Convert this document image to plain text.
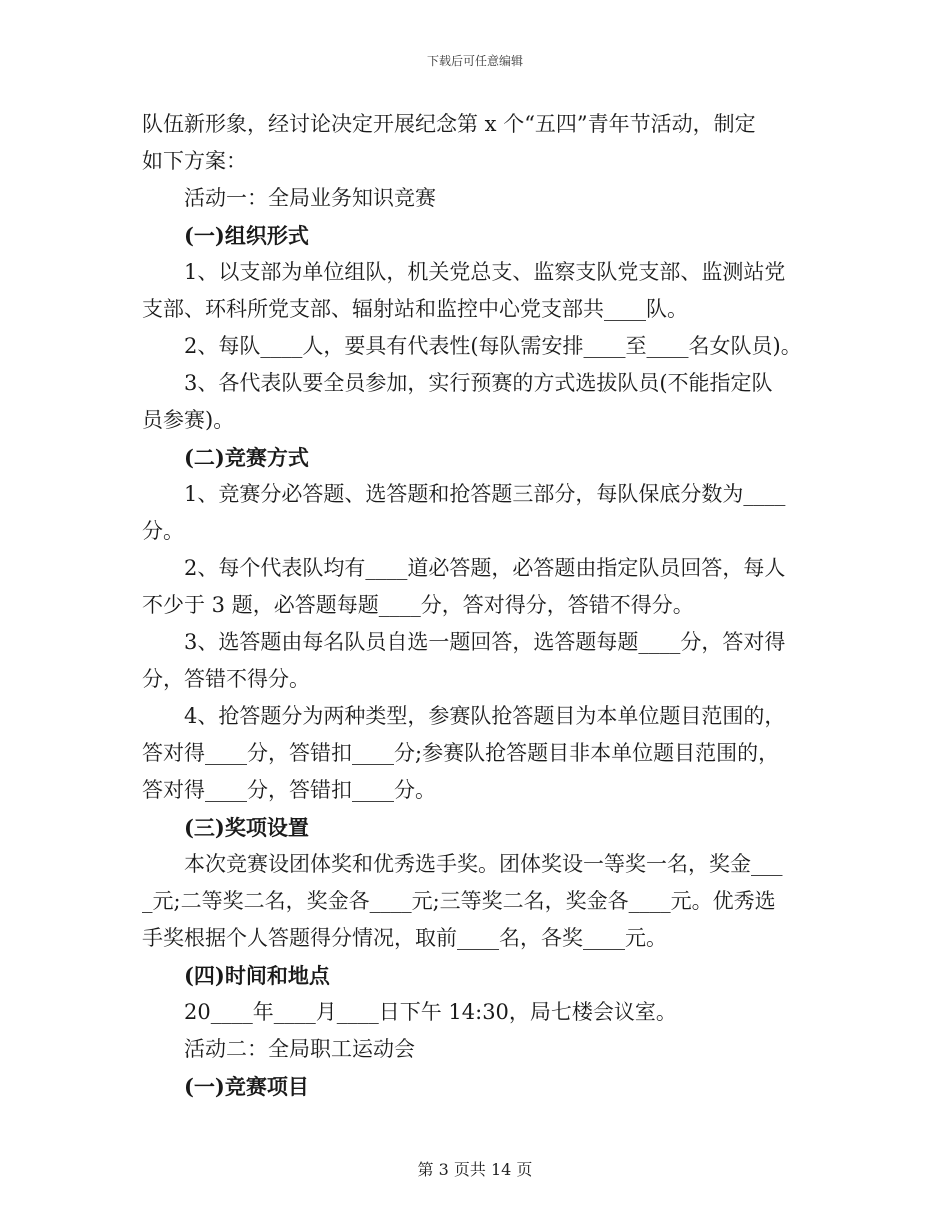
下载后可任意编辑
队伍新形象，经讨论决定开展纪念第 x 个“五四”青年节活动，制定
如下方案：
活动一：全局业务知识竞赛
(一)组织形式
1、以支部为单位组队，机关党总支、监察支队党支部、监测站党
支部、环科所党支部、辐射站和监控中心党支部共____队。
2、每队____人，要具有代表性(每队需安排____至____名女队员)。
3、各代表队要全员参加，实行预赛的方式选拔队员(不能指定队
员参赛)。
(二)竞赛方式
1、竞赛分必答题、选答题和抢答题三部分，每队保底分数为____
分。
2、每个代表队均有____道必答题，必答题由指定队员回答，每人
不少于 3 题，必答题每题____分，答对得分，答错不得分。
3、选答题由每名队员自选一题回答，选答题每题____分，答对得
分，答错不得分。
4、抢答题分为两种类型，参赛队抢答题目为本单位题目范围的，
答对得____分，答错扣____分;参赛队抢答题目非本单位题目范围的，
答对得____分，答错扣____分。
(三)奖项设置
本次竞赛设团体奖和优秀选手奖。团体奖设一等奖一名，奖金___
_元;二等奖二名，奖金各____元;三等奖二名，奖金各____元。优秀选
手奖根据个人答题得分情况，取前____名，各奖____元。
(四)时间和地点
20____年____月____日下午 14:30，局七楼会议室。
活动二：全局职工运动会
(一)竞赛项目
第 3 页共 14 页
